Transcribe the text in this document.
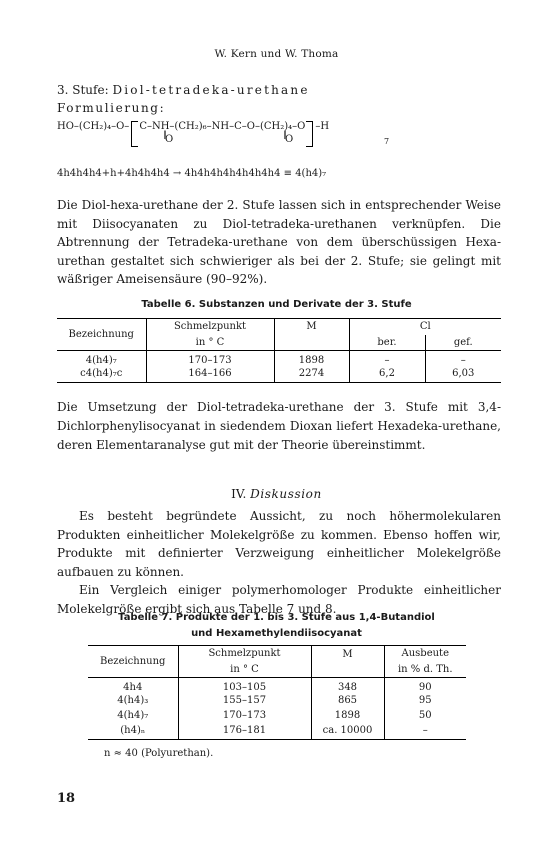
W. Kern und W. Thoma
3. Stufe: Diol-tetradeka-urethane
Formulierung:
HO–(CH₂)₄–O– C–NH–(CH₂)₆–NH–C–O–(CH₂)₄–O –H
O	O
‖	‖
7
4h4h4h4+h+4h4h4h4 → 4h4h4h4h4h4h4h4 ≡ 4(h4)₇
Die Diol-hexa-urethane der 2. Stufe lassen sich in entsprechender Weise mit Diisocyanaten zu Diol-tetradeka-urethanen verknüpfen. Die Abtrennung der Tetradeka-urethane von dem überschüssigen Hexa-urethan gestaltet sich schwieriger als bei der 2. Stufe; sie gelingt mit wäßriger Ameisensäure (90–92%).
Tabelle 6. Substanzen und Derivate der 3. Stufe
Bezeichnung	Schmelzpunkt	M	Cl	
	in ° C		ber.	gef.
4(h4)₇	170–173	1898	–	–
c4(h4)₇c	164–166	2274	6,2	6,03
Die Umsetzung der Diol-tetradeka-urethane der 3. Stufe mit 3,4-Dichlorphenylisocyanat in siedendem Dioxan liefert Hexadeka-urethane, deren Elementaranalyse gut mit der Theorie übereinstimmt.
IV. Diskussion

Es besteht begründete Aussicht, zu noch höhermolekularen Produkten einheitlicher Molekelgröße zu kommen. Ebenso hoffen wir, Produkte mit definierter Verzweigung einheitlicher Molekelgröße aufbauen zu können.

Ein Vergleich einiger polymerhomologer Produkte einheitlicher Molekelgröße ergibt sich aus Tabelle 7 und 8.

Tabelle 7. Produkte der 1. bis 3. Stufe aus 1,4-Butandiol
und Hexamethylendiisocyanat
Bezeichnung	Schmelzpunkt	M	Ausbeute
	in ° C		in % d. Th.
4h4	103–105	348	90
4(h4)₃	155–157	865	95
4(h4)₇	170–173	1898	50
(h4)ₙ	176–181	ca. 10000	–
n ≈ 40 (Polyurethan).
18
